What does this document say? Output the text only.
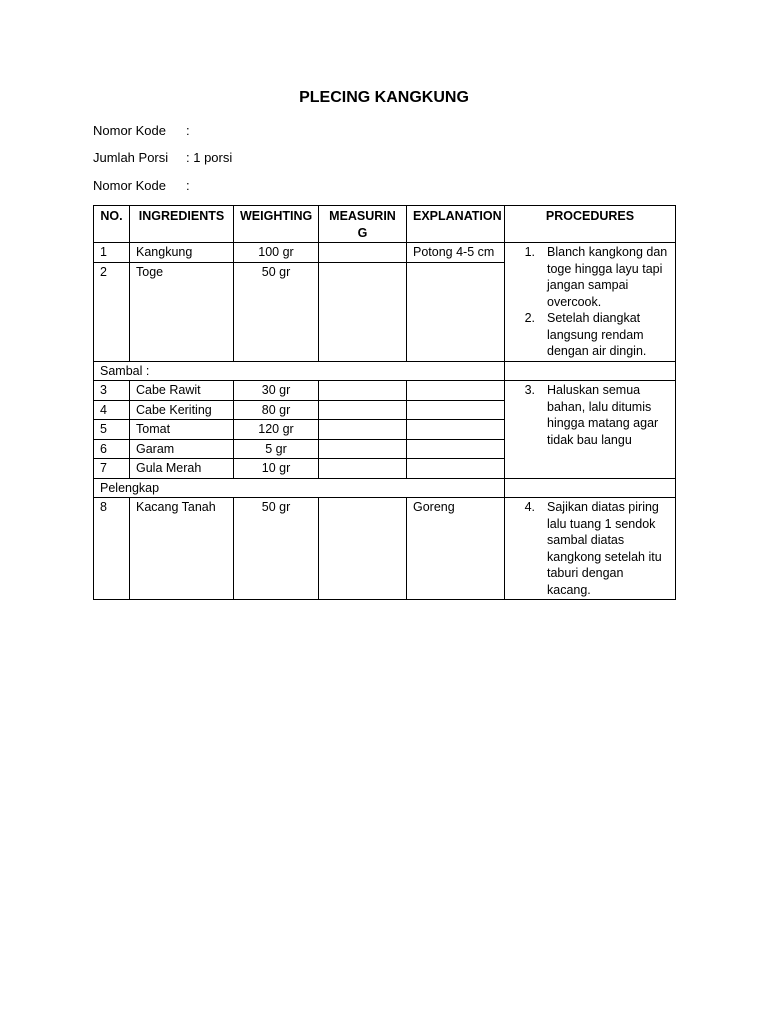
PLECING KANGKUNG
Nomor Kode :
Jumlah Porsi : 1 porsi
Nomor Kode :
NO.	INGREDIENTS	WEIGHTING	MEASURIN G	EXPLANATION	PROCEDURES
1	Kangkung	100 gr		Potong 4-5 cm	1. Blanch kangkong dan toge hingga layu tapi jangan sampai overcook.
2. Setelah diangkat langsung rendam dengan air dingin.

2	Toge	50 gr			
Sambal :					
3	Cabe Rawit	30 gr			3. Haluskan semua bahan, lalu ditumis hingga matang agar tidak bau langu

4	Cabe Keriting	80 gr			
5	Tomat	120 gr			
6	Garam	5 gr			
7	Gula Merah	10 gr			
Pelengkap					
8	Kacang Tanah	50 gr		Goreng	4. Sajikan diatas piring lalu tuang 1 sendok sambal diatas kangkong setelah itu taburi dengan kacang.
